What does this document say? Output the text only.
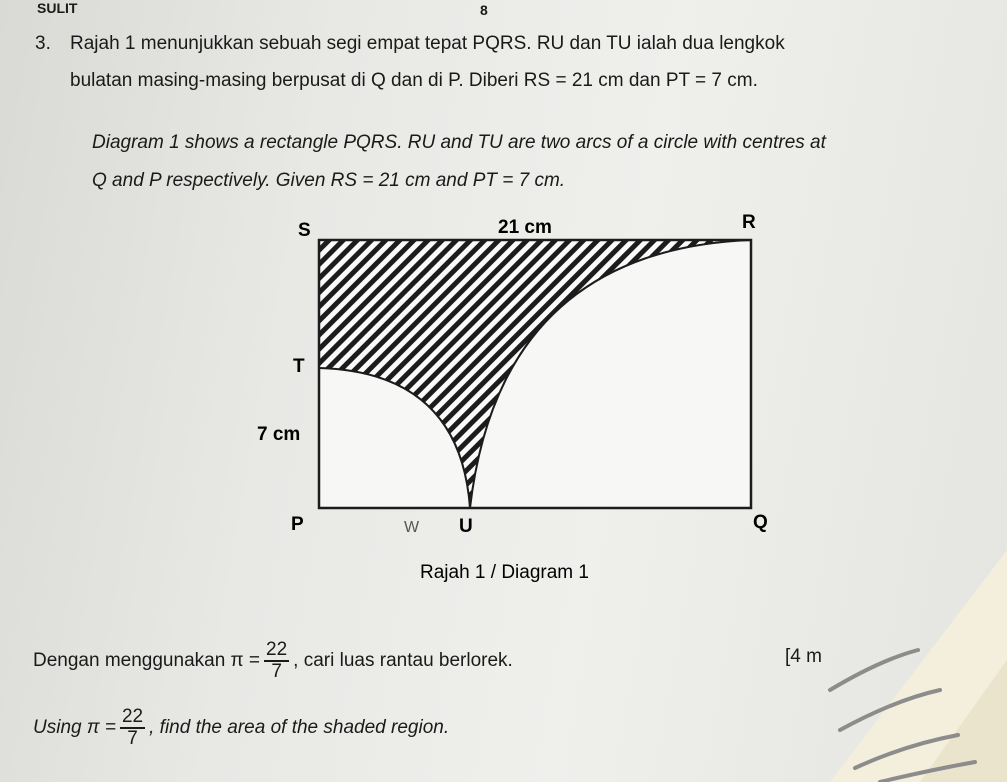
SULIT	8
3. Rajah 1 menunjukkan sebuah segi empat tepat PQRS. RU dan TU ialah dua lengkok
bulatan masing-masing berpusat di Q dan di P. Diberi RS = 21 cm dan PT = 7 cm.
Diagram 1 shows a rectangle PQRS. RU and TU are two arcs of a circle with centres at
Q and P respectively. Given RS = 21 cm and PT = 7 cm.
S	R
21 cm
T
7 cm
P	W U	Q
Rajah 1 / Diagram 1
Dengan menggunakan $\pi = \frac{22}{7}$ , cari luas rantau berlorek.	[4 m
Using $\pi = \frac{22}{7}$ , find the area of the shaded region.
